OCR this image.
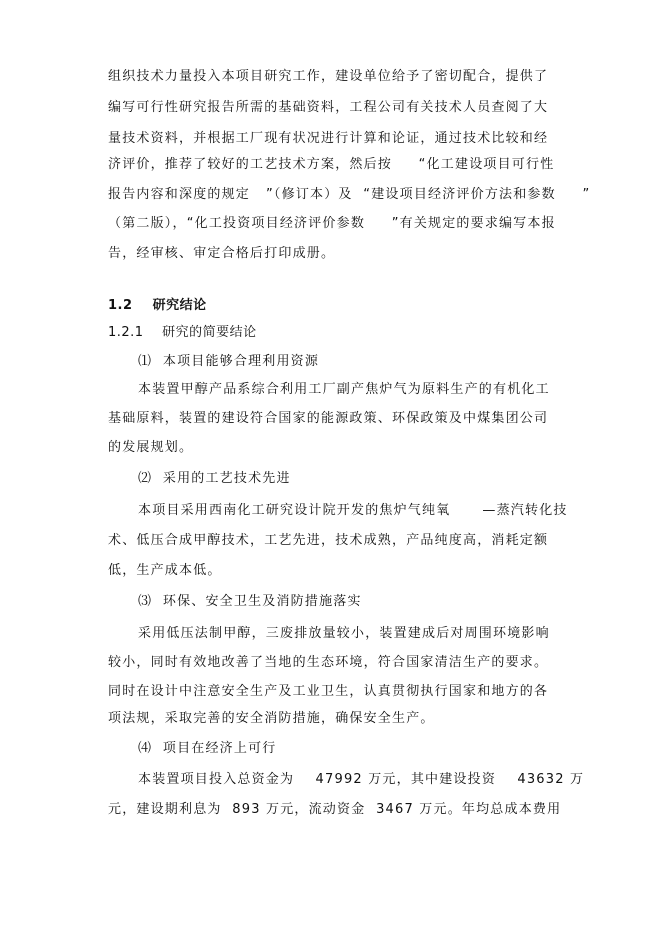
组织技术力量投入本项目研究工作，建设单位给予了密切配合，提供了
编写可行性研究报告所需的基础资料，工程公司有关技术人员查阅了大
量技术资料，并根据工厂现有状况进行计算和论证，通过技术比较和经
济评价，推荐了较好的工艺技术方案，然后按     “化工建设项目可行性
报告内容和深度的规定   ”（修订本）及  “建设项目经济评价方法和参数     ”
（第二版），“化工投资项目经济评价参数     ”有关规定的要求编写本报
告，经审核、审定合格后打印成册。
1.2    研究结论
1.2.1    研究的简要结论
⑴  本项目能够合理利用资源
本装置甲醇产品系综合利用工厂副产焦炉气为原料生产的有机化工
基础原料，装置的建设符合国家的能源政策、环保政策及中煤集团公司
的发展规划。
⑵  采用的工艺技术先进
本项目采用西南化工研究设计院开发的焦炉气纯氧      —蒸汽转化技
术、低压合成甲醇技术，工艺先进，技术成熟，产品纯度高，消耗定额
低，生产成本低。
⑶  环保、安全卫生及消防措施落实
采用低压法制甲醇，三废排放量较小，装置建成后对周围环境影响
较小，同时有效地改善了当地的生态环境，符合国家清洁生产的要求。
同时在设计中注意安全生产及工业卫生，认真贯彻执行国家和地方的各
项法规，采取完善的安全消防措施，确保安全生产。
⑷  项目在经济上可行
本装置项目投入总资金为    47992 万元，其中建设投资    43632 万
元，建设期利息为  893 万元，流动资金  3467 万元。年均总成本费用
